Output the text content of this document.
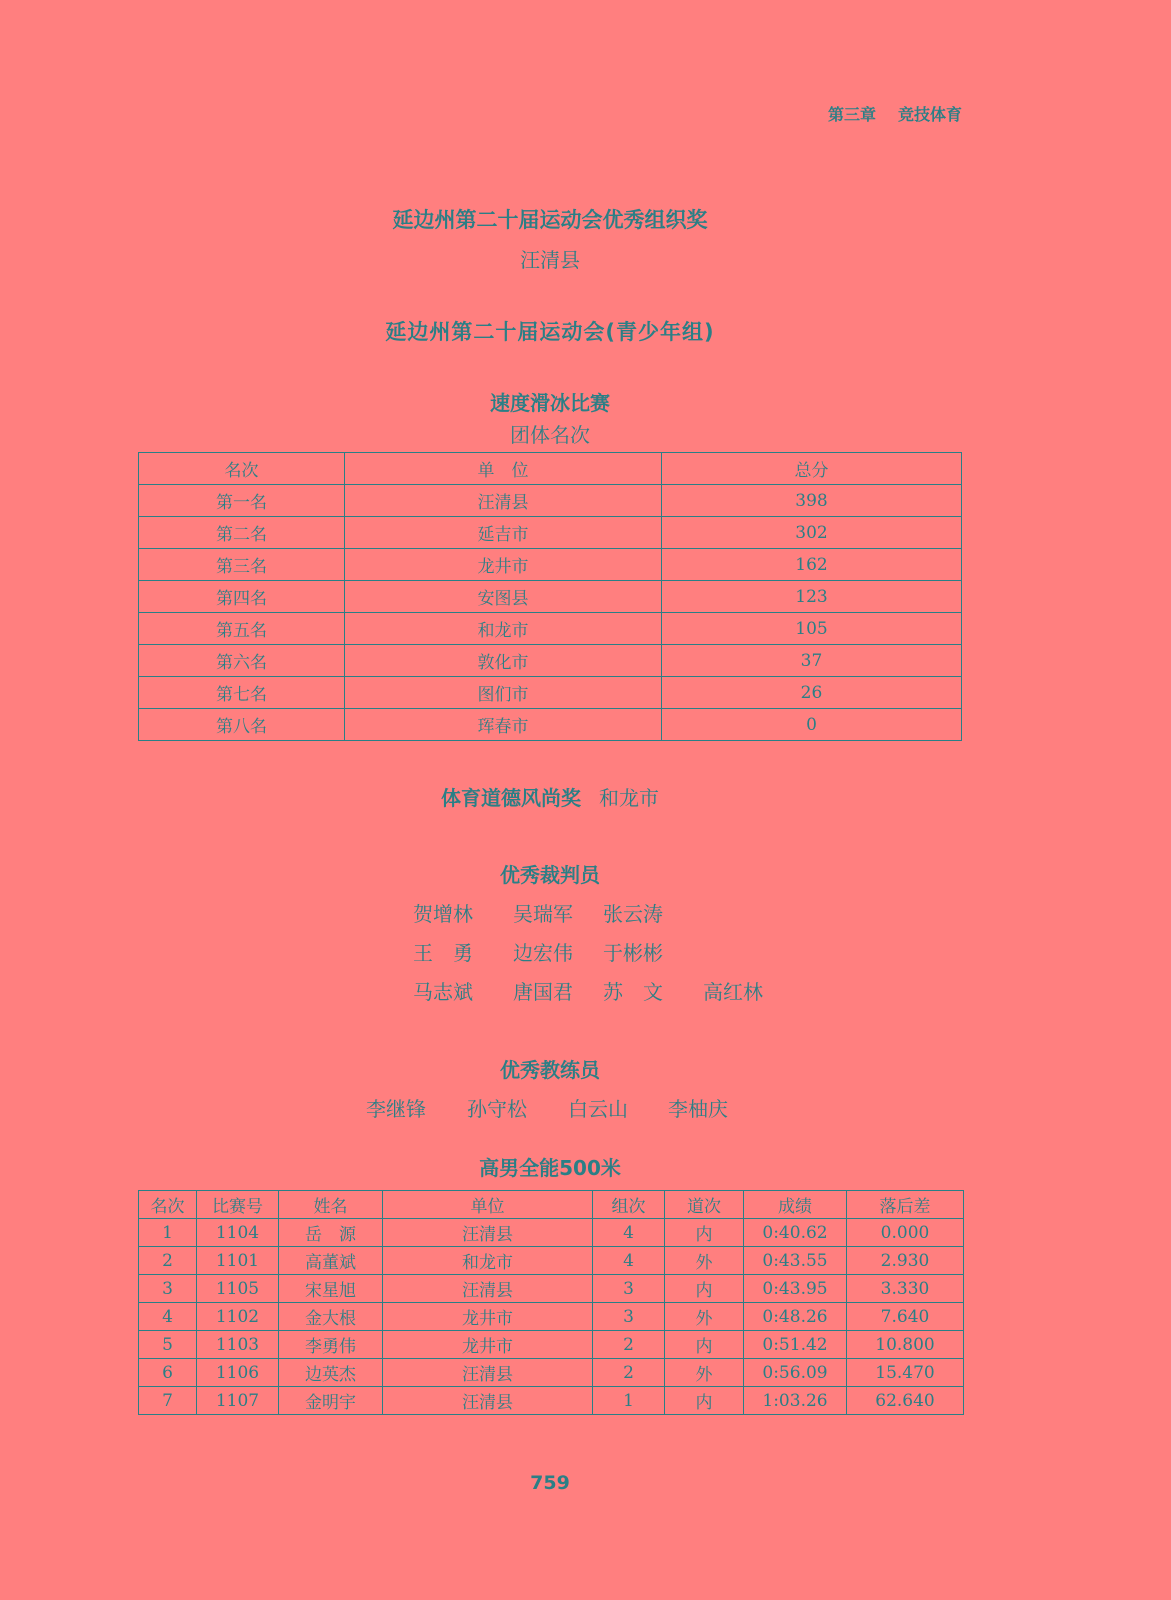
第三章 竞技体育
延边州第二十届运动会优秀组织奖
汪清县
延边州第二十届运动会(青少年组)
速度滑冰比赛
团体名次
名次	单　位	总分
第一名	汪清县	398
第二名	延吉市	302
第三名	龙井市	162
第四名	安图县	123
第五名	和龙市	105
第六名	敦化市	37
第七名	图们市	26
第八名	珲春市	0
体育道德风尚奖 和龙市
优秀裁判员
贺增林 吴瑞军 张云涛
王　勇 边宏伟 于彬彬
马志斌 唐国君 苏　文 高红林
优秀教练员
李继锋 孙守松 白云山 李柚庆
高男全能500米
名次	比赛号	姓名	单位	组次	道次	成绩	落后差
1	1104	岳　源	汪清县	4	内	0:40.62	0.000
2	1101	高董斌	和龙市	4	外	0:43.55	2.930
3	1105	宋星旭	汪清县	3	内	0:43.95	3.330
4	1102	金大根	龙井市	3	外	0:48.26	7.640
5	1103	李勇伟	龙井市	2	内	0:51.42	10.800
6	1106	边英杰	汪清县	2	外	0:56.09	15.470
7	1107	金明宇	汪清县	1	内	1:03.26	62.640
759
